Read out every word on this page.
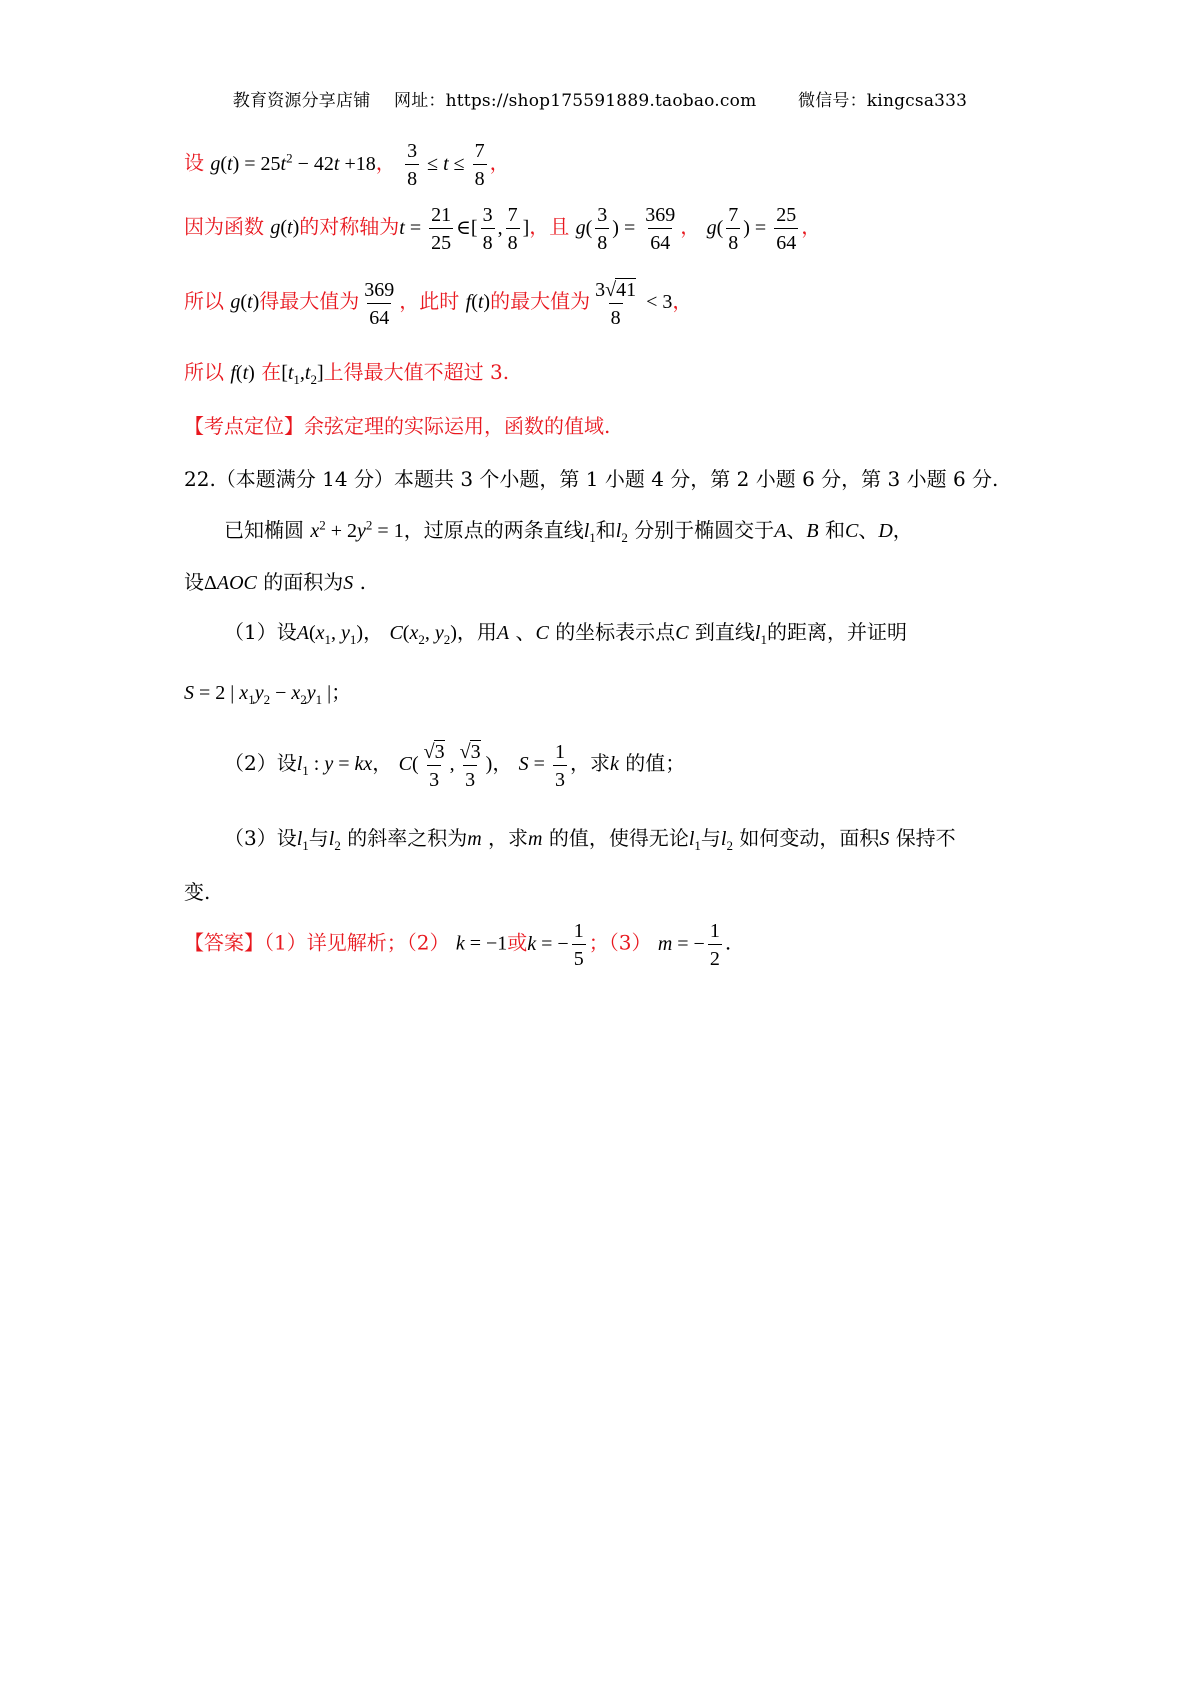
教育资源分享店铺 网址：https://shop175591889.taobao.com 微信号：kingcsa333
设 $g(t) = 25t^2 - 42t +18$， $\frac{3}{8} \le t \le \frac{7}{8}$ ，
因为函数 g(t)的对称轴为$t = \frac{21}{25}$ ∈[ $\frac{3}{8}$ , $\frac{7}{8}$ ]，且 $g( \frac{3}{8}$ ) = $\frac{369}{64}$ ， $g( \frac{7}{8}$ ) = $\frac{25}{64}$ ，
所以 g(t)得最大值为 $\frac{369}{64}$ ，此时 f(t)的最大值为 $\frac{3√41}{8} < 3$，
所以 f(t) 在$[t_1,t_2]$上得最大值不超过 3.
【考点定位】余弦定理的实际运用，函数的值域.
22.（本题满分 14 分）本题共 3 个小题，第 1 小题 4 分，第 2 小题 6 分，第 3 小题 6 分.
已知椭圆 $x^2 + 2y^2 = 1$，过原点的两条直线$l_1$和$l_2$ 分别于椭圆交于A、B 和C、D，
设ΔAOC 的面积为S .
（1）设$A(x_1$, $y_1$)， $C(x_2$, $y_2$)，用A 、C 的坐标表示点C 到直线$l_1$的距离，并证明
S = 2 | $x_1y_2 - x_2y_1$ |；
（2）设$l_1$ : y = kx， $C( \frac{√3}{3}$ , $\frac{√3}{3}$ )， $S = \frac{1}{3}$ ，求k 的值；
（3）设$l_1$与$l_2$ 的斜率之积为m ，求m 的值，使得无论$l_1$与$l_2$ 如何变动，面积S 保持不
变.
【答案】（1）详见解析；（2） k = −1或k = − $\frac{1}{5}$ ；（3） m = − $\frac{1}{2}$ .
